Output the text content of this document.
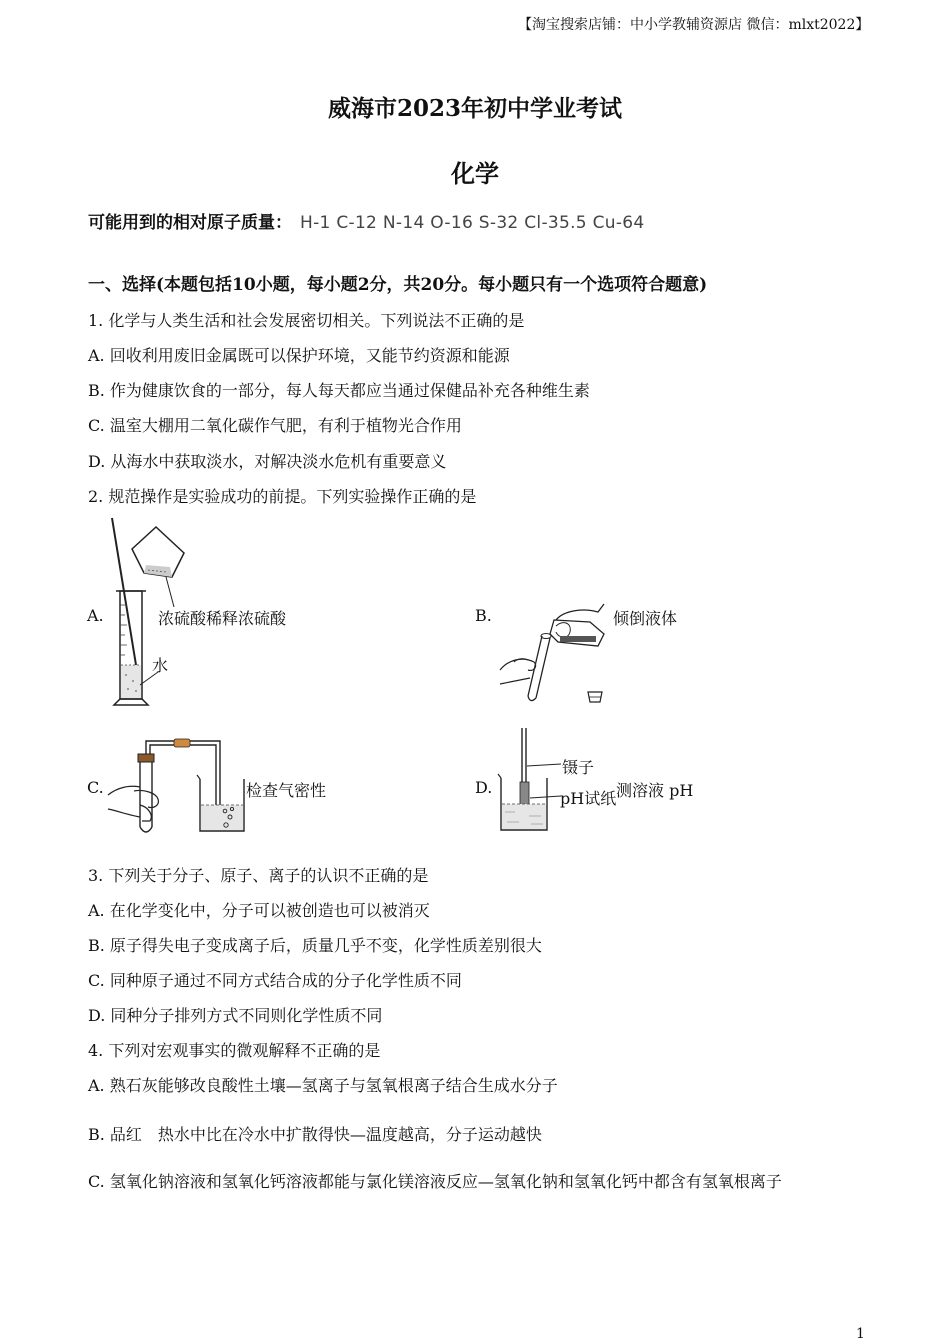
【淘宝搜索店铺：中小学教辅资源店 微信：mlxt2022】
威海市2023年初中学业考试
化学
可能用到的相对原子质量： H-1 C-12 N-14 O-16 S-32 Cl-35.5 Cu-64
一、选择(本题包括10小题，每小题2分，共20分。每小题只有一个选项符合题意)
1. 化学与人类生活和社会发展密切相关。下列说法不正确的是
A. 回收利用废旧金属既可以保护环境，又能节约资源和能源
B. 作为健康饮食的一部分，每人每天都应当通过保健品补充各种维生素
C. 温室大棚用二氧化碳作气肥，有利于植物光合作用
D. 从海水中获取淡水，对解决淡水危机有重要意义
2. 规范操作是实验成功的前提。下列实验操作正确的是
A.	浓硫酸稀释浓硫酸
水
B.	倾倒液体
C.	检查气密性	D.
镊子
pH试纸 测溶液 pH
3. 下列关于分子、原子、离子的认识不正确的是
A. 在化学变化中，分子可以被创造也可以被消灭
B. 原子得失电子变成离子后，质量几乎不变，化学性质差别很大
C. 同种原子通过不同方式结合成的分子化学性质不同
D. 同种分子排列方式不同则化学性质不同
4. 下列对宏观事实的微观解释不正确的是
A. 熟石灰能够改良酸性土壤—氢离子与氢氧根离子结合生成水分子
B. 品红　热水中比在冷水中扩散得快—温度越高，分子运动越快
C. 氢氧化钠溶液和氢氧化钙溶液都能与氯化镁溶液反应—氢氧化钠和氢氧化钙中都含有氢氧根离子
1
